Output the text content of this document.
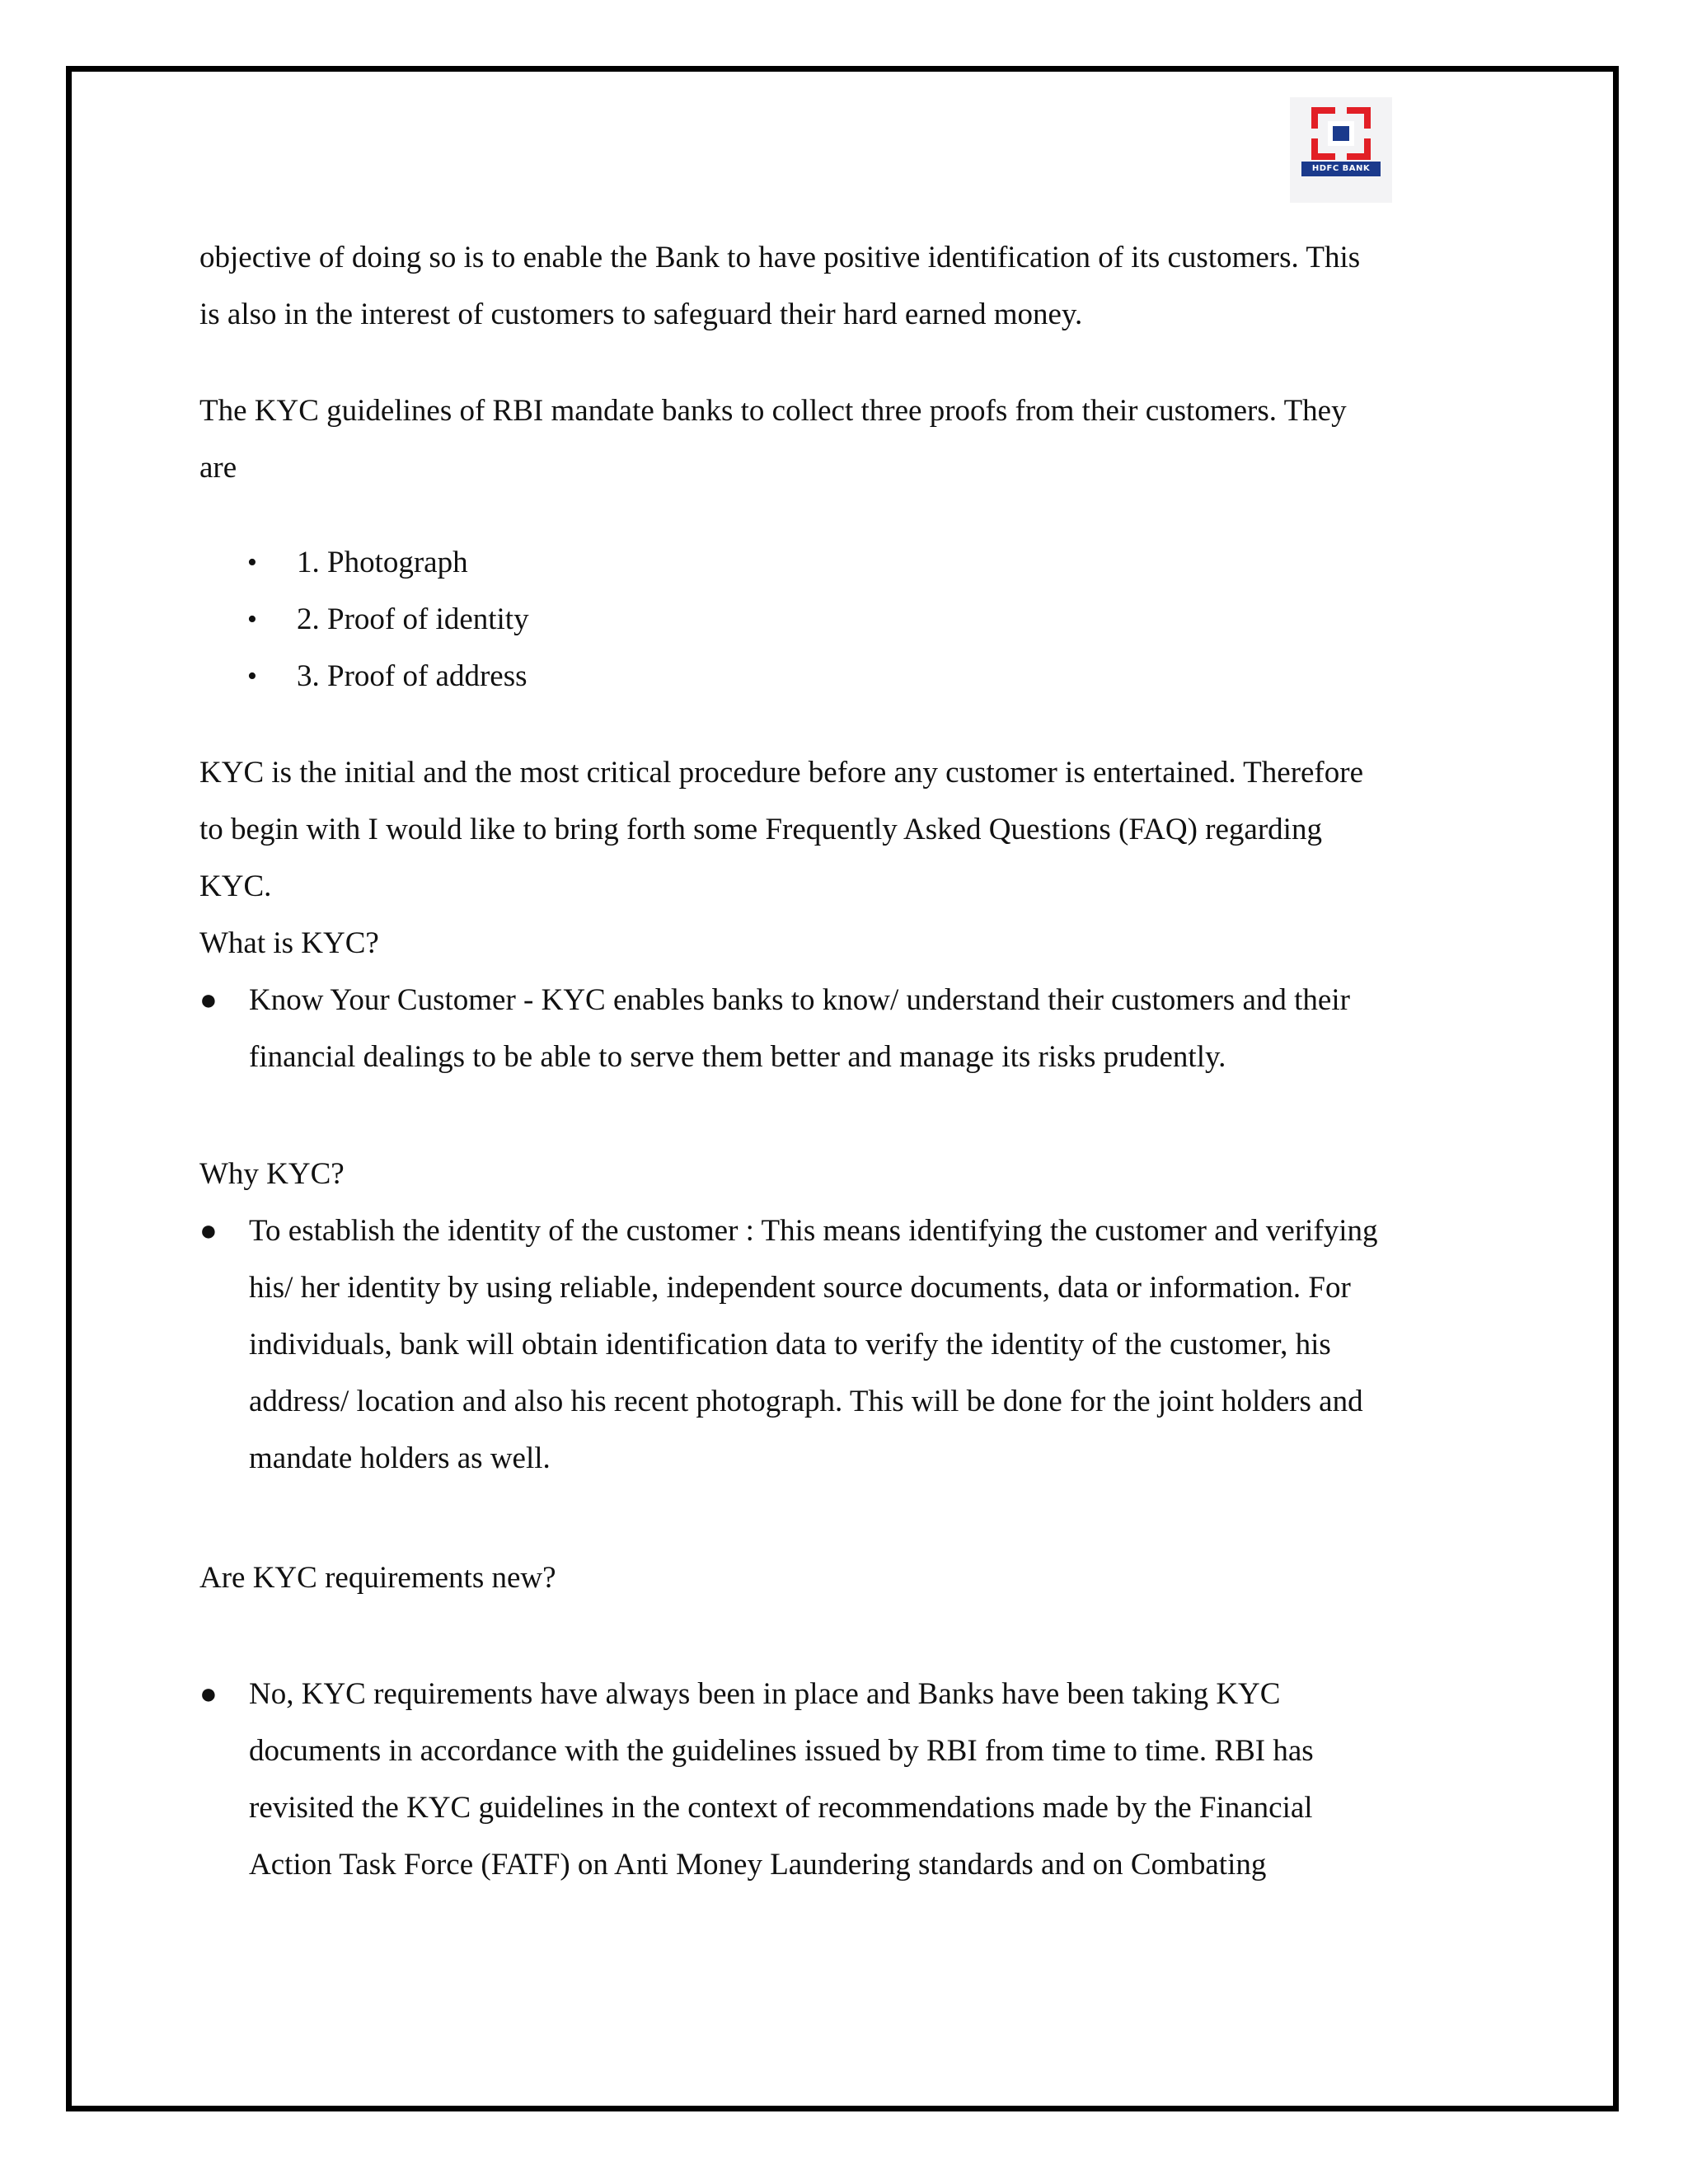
HDFC BANK

objective of doing so is to enable the Bank to have positive identification of its customers. This

is also in the interest of customers to safeguard their hard earned money.

The KYC guidelines of RBI mandate banks to collect three proofs from their customers. They

are

• 1. Photograph
• 2. Proof of identity
• 3. Proof of address

KYC is the initial and the most critical procedure before any customer is entertained. Therefore

to begin with I would like to bring forth some Frequently Asked Questions (FAQ) regarding

KYC.

What is KYC?

● Know Your Customer - KYC enables banks to know/ understand their customers and their

financial dealings to be able to serve them better and manage its risks prudently.

Why KYC?

● To establish the identity of the customer : This means identifying the customer and verifying

his/ her identity by using reliable, independent source documents, data or information. For

individuals, bank will obtain identification data to verify the identity of the customer, his

address/ location and also his recent photograph. This will be done for the joint holders and

mandate holders as well.

Are KYC requirements new?

● No, KYC requirements have always been in place and Banks have been taking KYC

documents in accordance with the guidelines issued by RBI from time to time. RBI has

revisited the KYC guidelines in the context of recommendations made by the Financial

Action Task Force (FATF) on Anti Money Laundering standards and on Combating
